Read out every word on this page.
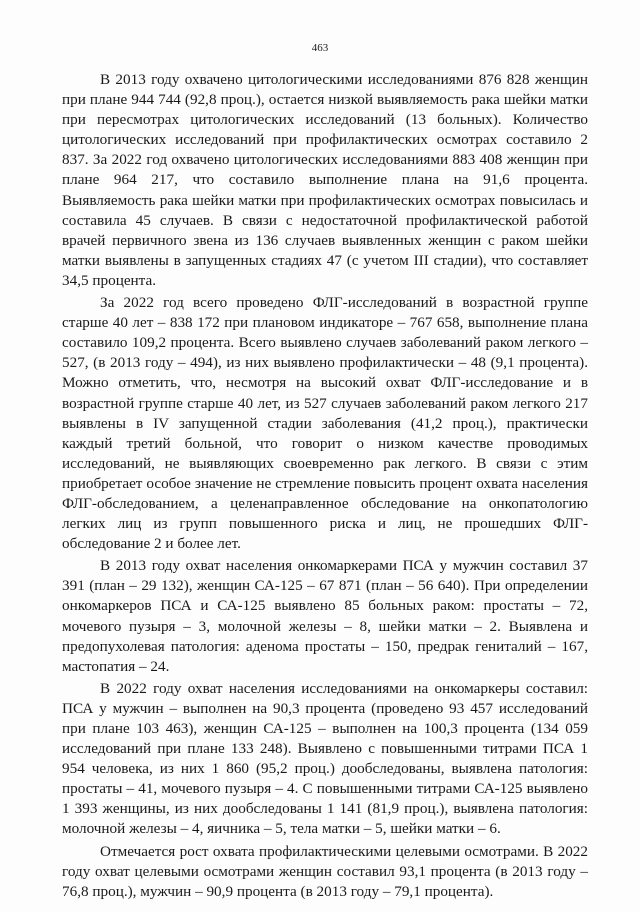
463

В 2013 году охвачено цитологическими исследованиями 876 828 женщин при плане 944 744 (92,8 проц.), остается низкой выявляемость рака шейки матки при пересмотрах цитологических исследований (13 больных). Количество цитологических исследований при профилактических осмотрах составило 2 837. За 2022 год охвачено цитологических исследованиями 883 408 женщин при плане 964 217, что составило выполнение плана на 91,6 процента. Выявляемость рака шейки матки при профилактических осмотрах повысилась и составила 45 случаев. В связи с недостаточной профилактической работой врачей первичного звена из 136 случаев выявленных женщин с раком шейки матки выявлены в запущенных стадиях 47 (с учетом III стадии), что составляет 34,5 процента.

За 2022 год всего проведено ФЛГ-исследований в возрастной группе старше 40 лет – 838 172 при плановом индикаторе – 767 658, выполнение плана составило 109,2 процента. Всего выявлено случаев заболеваний раком легкого – 527, (в 2013 году – 494), из них выявлено профилактически – 48 (9,1 процента). Можно отметить, что, несмотря на высокий охват ФЛГ-исследование и в возрастной группе старше 40 лет, из 527 случаев заболеваний раком легкого 217 выявлены в IV запущенной стадии заболевания (41,2 проц.), практически каждый третий больной, что говорит о низком качестве проводимых исследований, не выявляющих своевременно рак легкого. В связи с этим приобретает особое значение не стремление повысить процент охвата населения ФЛГ-обследованием, а целенаправленное обследование на онкопатологию легких лиц из групп повышенного риска и лиц, не прошедших ФЛГ-обследование 2 и более лет.

В 2013 году охват населения онкомаркерами ПСА у мужчин составил 37 391 (план – 29 132), женщин СА-125 – 67 871 (план – 56 640). При определении онкомаркеров ПСА и СА-125 выявлено 85 больных раком: простаты – 72, мочевого пузыря – 3, молочной железы – 8, шейки матки – 2. Выявлена и предопухолевая патология: аденома простаты – 150, предрак гениталий – 167, мастопатия – 24.

В 2022 году охват населения исследованиями на онкомаркеры составил: ПСА у мужчин – выполнен на 90,3 процента (проведено 93 457 исследований при плане 103 463), женщин СА-125 – выполнен на 100,3 процента (134 059 исследований при плане 133 248). Выявлено с повышенными титрами ПСА 1 954 человека, из них 1 860 (95,2 проц.) дообследованы, выявлена патология: простаты – 41, мочевого пузыря – 4. С повышенными титрами СА-125 выявлено 1 393 женщины, из них дообследованы 1 141 (81,9 проц.), выявлена патология: молочной железы – 4, яичника – 5, тела матки – 5, шейки матки – 6.

Отмечается рост охвата профилактическими целевыми осмотрами. В 2022 году охват целевыми осмотрами женщин составил 93,1 процента (в 2013 году – 76,8 проц.), мужчин – 90,9 процента (в 2013 году – 79,1 процента).
